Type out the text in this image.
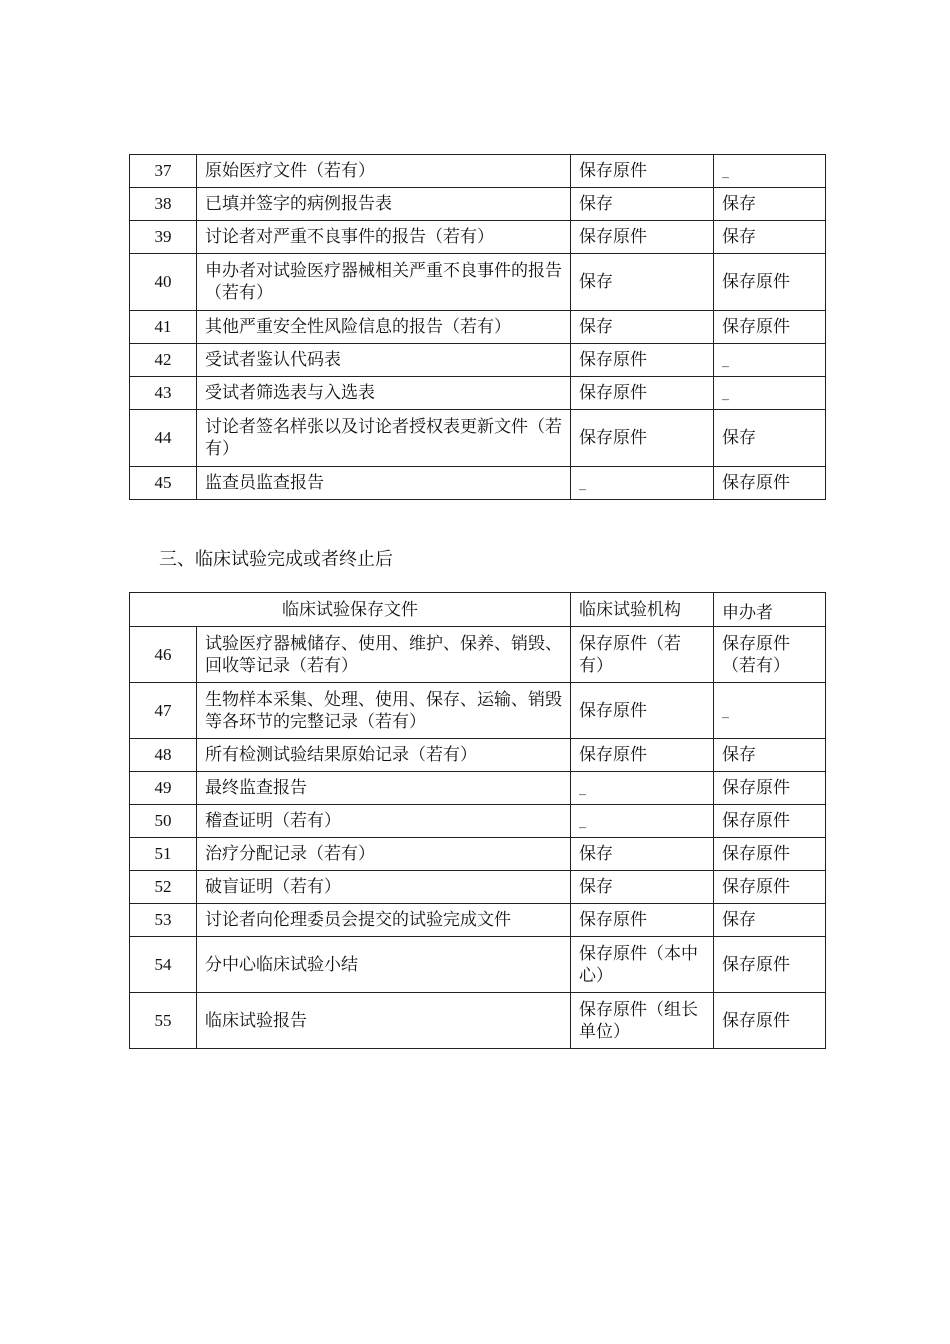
37	原始医疗文件（若有）	保存原件	_
38	已填并签字的病例报告表	保存	保存
39	讨论者对严重不良事件的报告（若有）	保存原件	保存
40	申办者对试验医疗器械相关严重不良事件的报告（若有）	保存	保存原件
41	其他严重安全性风险信息的报告（若有）	保存	保存原件
42	受试者鉴认代码表	保存原件	_
43	受试者筛选表与入选表	保存原件	_
44	讨论者签名样张以及讨论者授权表更新文件（若有）	保存原件	保存
45	监查员监查报告	_	保存原件
三、临床试验完成或者终止后
临床试验保存文件		临床试验机构	申办者
46	试验医疗器械储存、使用、维护、保养、销毁、回收等记录（若有）	保存原件（若有）	保存原件（若有）
47	生物样本采集、处理、使用、保存、运输、销毁等各环节的完整记录（若有）	保存原件	_
48	所有检测试验结果原始记录（若有）	保存原件	保存
49	最终监查报告	_	保存原件
50	稽查证明（若有）	_	保存原件
51	治疗分配记录（若有）	保存	保存原件
52	破盲证明（若有）	保存	保存原件
53	讨论者向伦理委员会提交的试验完成文件	保存原件	保存
54	分中心临床试验小结	保存原件（本中心）	保存原件
55	临床试验报告	保存原件（组长单位）	保存原件
